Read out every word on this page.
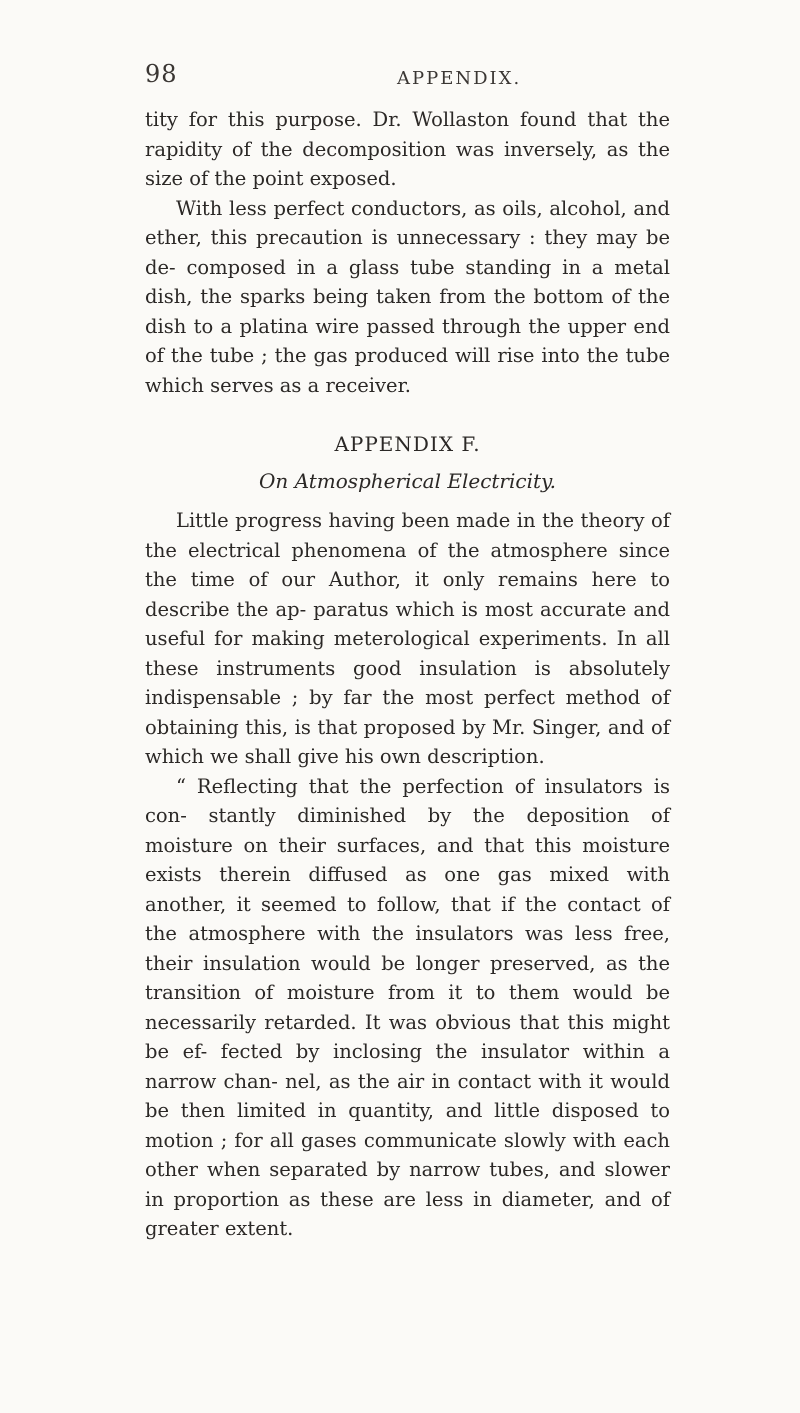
98	APPENDIX.

tity for this purpose. Dr. Wollaston found that the rapidity of the decomposition was inversely, as the size of the point exposed.

With less perfect conductors, as oils, alcohol, and ether, this precaution is unnecessary : they may be de- composed in a glass tube standing in a metal dish, the sparks being taken from the bottom of the dish to a platina wire passed through the upper end of the tube ; the gas produced will rise into the tube which serves as a receiver.

APPENDIX F.

On Atmospherical Electricity.

Little progress having been made in the theory of the electrical phenomena of the atmosphere since the time of our Author, it only remains here to describe the ap- paratus which is most accurate and useful for making meterological experiments. In all these instruments good insulation is absolutely indispensable ; by far the most perfect method of obtaining this, is that proposed by Mr. Singer, and of which we shall give his own description.

“ Reflecting that the perfection of insulators is con- stantly diminished by the deposition of moisture on their surfaces, and that this moisture exists therein diffused as one gas mixed with another, it seemed to follow, that if the contact of the atmosphere with the insulators was less free, their insulation would be longer preserved, as the transition of moisture from it to them would be necessarily retarded. It was obvious that this might be ef- fected by inclosing the insulator within a narrow chan- nel, as the air in contact with it would be then limited in quantity, and little disposed to motion ; for all gases communicate slowly with each other when separated by narrow tubes, and slower in proportion as these are less in diameter, and of greater extent.
